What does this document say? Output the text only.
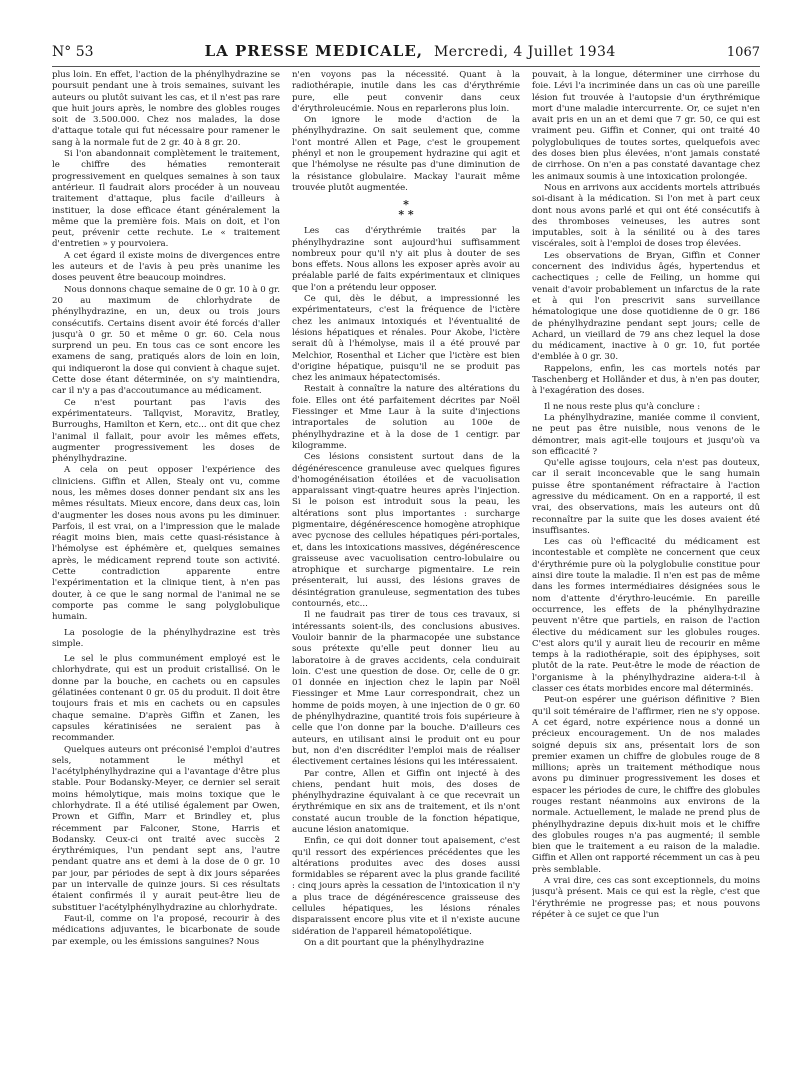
N° 53	LA PRESSE MEDICALE, Mercredi, 4 Juillet 1934	1067

plus loin. En effet, l'action de la phénylhydrazine se poursuit pendant une à trois semaines, suivant les auteurs ou plutôt suivant les cas, et il n'est pas rare que huit jours après, le nombre des globles rouges soit de 3.500.000. Chez nos malades, la dose d'attaque totale qui fut nécessaire pour ramener le sang à la normale fut de 2 gr. 40 à 8 gr. 20.

Si l'on abandonnait complètement le traitement, le chiffre des hématies remonterait progressivement en quelques semaines à son taux antérieur. Il faudrait alors procéder à un nouveau traitement d'attaque, plus facile d'ailleurs à instituer, la dose efficace étant généralement la même que la première fois. Mais on doit, et l'on peut, prévenir cette rechute. Le « traitement d'entretien » y pourvoiera.

A cet égard il existe moins de divergences entre les auteurs et de l'avis à peu près unanime les doses peuvent être beaucoup moindres.

Nous donnons chaque semaine de 0 gr. 10 à 0 gr. 20 au maximum de chlorhydrate de phénylhydrazine, en un, deux ou trois jours consécutifs. Certains disent avoir été forcés d'aller jusqu'à 0 gr. 50 et même 0 gr. 60. Cela nous surprend un peu. En tous cas ce sont encore les examens de sang, pratiqués alors de loin en loin, qui indiqueront la dose qui convient à chaque sujet. Cette dose étant déterminée, on s'y maintiendra, car il n'y a pas d'accoutumance au médicament.

Ce n'est pourtant pas l'avis des expérimentateurs. Tallqvist, Moravitz, Bratley, Burroughs, Hamilton et Kern, etc... ont dit que chez l'animal il fallait, pour avoir les mêmes effets, augmenter progressivement les doses de phénylhydrazine.

A cela on peut opposer l'expérience des cliniciens. Giffin et Allen, Stealy ont vu, comme nous, les mêmes doses donner pendant six ans les mêmes résultats. Mieux encore, dans deux cas, loin d'augmenter les doses nous avons pu les diminuer. Parfois, il est vrai, on a l'impression que le malade réagit moins bien, mais cette quasi-résistance à l'hémolyse est éphémère et, quelques semaines après, le médicament reprend toute son activité. Cette contradiction apparente entre l'expérimentation et la clinique tient, à n'en pas douter, à ce que le sang normal de l'animal ne se comporte pas comme le sang polyglobulique humain.

La posologie de la phénylhydrazine est très simple.

Le sel le plus communément employé est le chlorhydrate, qui est un produit cristallisé. On le donne par la bouche, en cachets ou en capsules gélatinées contenant 0 gr. 05 du produit. Il doit être toujours frais et mis en cachets ou en capsules chaque semaine. D'après Giffin et Zanen, les capsules kératinisées ne seraient pas à recommander.

Quelques auteurs ont préconisé l'emploi d'autres sels, notamment le méthyl et l'acétylphénylhydrazine qui a l'avantage d'être plus stable. Pour Bodansky-Meyer, ce dernier sel serait moins hémolytique, mais moins toxique que le chlorhydrate. Il a été utilisé également par Owen, Prown et Giffin, Marr et Brindley et, plus récemment par Falconer, Stone, Harris et Bodansky. Ceux-ci ont traité avec succès 2 érythrémiques, l'un pendant sept ans, l'autre pendant quatre ans et demi à la dose de 0 gr. 10 par jour, par périodes de sept à dix jours séparées par un intervalle de quinze jours. Si ces résultats étaient confirmés il y aurait peut-être lieu de substituer l'acétylphénylhydrazine au chlorhydrate.

Faut-il, comme on l'a proposé, recourir à des médications adjuvantes, le bicarbonate de soude par exemple, ou les émissions sanguines? Nous

n'en voyons pas la nécessité. Quant à la radiothérapie, inutile dans les cas d'érythrémie pure, elle peut convenir dans ceux d'érythroleucémie. Nous en reparlerons plus loin.

On ignore le mode d'action de la phénylhydrazine. On sait seulement que, comme l'ont montré Allen et Page, c'est le groupement phényl et non le groupement hydrazine qui agit et que l'hémolyse ne résulte pas d'une diminution de la résistance globulaire. Mackay l'aurait même trouvée plutôt augmentée.

*
* *

Les cas d'érythrémie traités par la phénylhydrazine sont aujourd'hui suffisamment nombreux pour qu'il n'y ait plus à douter de ses bons effets. Nous allons les exposer après avoir au préalable parlé de faits expérimentaux et cliniques que l'on a prétendu leur opposer.

Ce qui, dès le début, a impressionné les expérimentateurs, c'est la fréquence de l'ictère chez les animaux intoxiqués et l'éventualité de lésions hépatiques et rénales. Pour Akobe, l'ictère serait dû à l'hémolyse, mais il a été prouvé par Melchior, Rosenthal et Licher que l'ictère est bien d'origine hépatique, puisqu'il ne se produit pas chez les animaux hépatectomisés.

Restait à connaître la nature des altérations du foie. Elles ont été parfaitement décrites par Noël Fiessinger et Mme Laur à la suite d'injections intraportales de solution au 100e de phénylhydrazine et à la dose de 1 centigr. par kilogramme.

Ces lésions consistent surtout dans de la dégénérescence granuleuse avec quelques figures d'homogénéisation étoilées et de vacuolisation apparaissant vingt-quatre heures après l'injection. Si le poison est introduit sous la peau, les altérations sont plus importantes : surcharge pigmentaire, dégénérescence homogène atrophique avec pycnose des cellules hépatiques péri-portales, et, dans les intoxications massives, dégénérescence graisseuse avec vacuolisation centro-lobulaire ou atrophique et surcharge pigmentaire. Le rein présenterait, lui aussi, des lésions graves de désintégration granuleuse, segmentation des tubes contournés, etc...

Il ne faudrait pas tirer de tous ces travaux, si intéressants soient-ils, des conclusions abusives. Vouloir bannir de la pharmacopée une substance sous prétexte qu'elle peut donner lieu au laboratoire à de graves accidents, cela conduirait loin. C'est une question de dose. Or, celle de 0 gr. 01 donnée en injection chez le lapin par Noël Fiessinger et Mme Laur correspondrait, chez un homme de poids moyen, à une injection de 0 gr. 60 de phénylhydrazine, quantité trois fois supérieure à celle que l'on donne par la bouche. D'ailleurs ces auteurs, en utilisant ainsi le produit ont eu pour but, non d'en discréditer l'emploi mais de réaliser électivement certaines lésions qui les intéressaient.

Par contre, Allen et Giffin ont injecté à des chiens, pendant huit mois, des doses de phénylhydrazine équivalant à ce que recevrait un érythrémique en six ans de traitement, et ils n'ont constaté aucun trouble de la fonction hépatique, aucune lésion anatomique.

Enfin, ce qui doit donner tout apaisement, c'est qu'il ressort des expériences précédentes que les altérations produites avec des doses aussi formidables se réparent avec la plus grande facilité : cinq jours après la cessation de l'intoxication il n'y a plus trace de dégénérescence graisseuse des cellules hépatiques, les lésions rénales disparaissent encore plus vite et il n'existe aucune sidération de l'appareil hématopoïétique.

On a dit pourtant que la phénylhydrazine

pouvait, à la longue, déterminer une cirrhose du foie. Lévi l'a incriminée dans un cas où une pareille lésion fut trouvée à l'autopsie d'un érythrémique mort d'une maladie intercurrente. Or, ce sujet n'en avait pris en un an et demi que 7 gr. 50, ce qui est vraiment peu. Giffin et Conner, qui ont traité 40 polyglobuliques de toutes sortes, quelquefois avec des doses bien plus élevées, n'ont jamais constaté de cirrhose. On n'en a pas constaté davantage chez les animaux soumis à une intoxication prolongée.

Nous en arrivons aux accidents mortels attribués soi-disant à la médication. Si l'on met à part ceux dont nous avons parlé et qui ont été consécutifs à des thromboses veineuses, les autres sont imputables, soit à la sénilité ou à des tares viscérales, soit à l'emploi de doses trop élevées.

Les observations de Bryan, Giffin et Conner concernent des individus âgés, hypertendus et cachectiques ; celle de Feiling, un homme qui venait d'avoir probablement un infarctus de la rate et à qui l'on prescrivit sans surveillance hématologique une dose quotidienne de 0 gr. 186 de phénylhydrazine pendant sept jours; celle de Achard, un vieillard de 79 ans chez lequel la dose du médicament, inactive à 0 gr. 10, fut portée d'emblée à 0 gr. 30.

Rappelons, enfin, les cas mortels notés par Taschenberg et Holländer et dus, à n'en pas douter, à l'exagération des doses.

Il ne nous reste plus qu'à conclure :

La phénylhydrazine, maniée comme il convient, ne peut pas être nuisible, nous venons de le démontrer, mais agit-elle toujours et jusqu'où va son efficacité ?

Qu'elle agisse toujours, cela n'est pas douteux, car il serait inconcevable que le sang humain puisse être spontanément réfractaire à l'action agressive du médicament. On en a rapporté, il est vrai, des observations, mais les auteurs ont dû reconnaître par la suite que les doses avaient été insuffisantes.

Les cas où l'efficacité du médicament est incontestable et complète ne concernent que ceux d'érythrémie pure où la polyglobulie constitue pour ainsi dire toute la maladie. Il n'en est pas de même dans les formes intermédiaires désignées sous le nom d'attente d'érythro-leucémie. En pareille occurrence, les effets de la phénylhydrazine peuvent n'être que partiels, en raison de l'action élective du médicament sur les globules rouges. C'est alors qu'il y aurait lieu de recourir en même temps à la radiothérapie, soit des épiphyses, soit plutôt de la rate. Peut-être le mode de réaction de l'organisme à la phénylhydrazine aidera-t-il à classer ces états morbides encore mal déterminés.

Peut-on espérer une guérison définitive ? Bien qu'il soit téméraire de l'affirmer, rien ne s'y oppose. A cet égard, notre expérience nous a donné un précieux encouragement. Un de nos malades soigné depuis six ans, présentait lors de son premier examen un chiffre de globules rouge de 8 millions; après un traitement méthodique nous avons pu diminuer progressivement les doses et espacer les périodes de cure, le chiffre des globules rouges restant néanmoins aux environs de la normale. Actuellement, le malade ne prend plus de phénylhydrazine depuis dix-huit mois et le chiffre des globules rouges n'a pas augmenté; il semble bien que le traitement a eu raison de la maladie. Giffin et Allen ont rapporté récemment un cas à peu près semblable.

A vrai dire, ces cas sont exceptionnels, du moins jusqu'à présent. Mais ce qui est la règle, c'est que l'érythrémie ne progresse pas; et nous pouvons répéter à ce sujet ce que l'un
